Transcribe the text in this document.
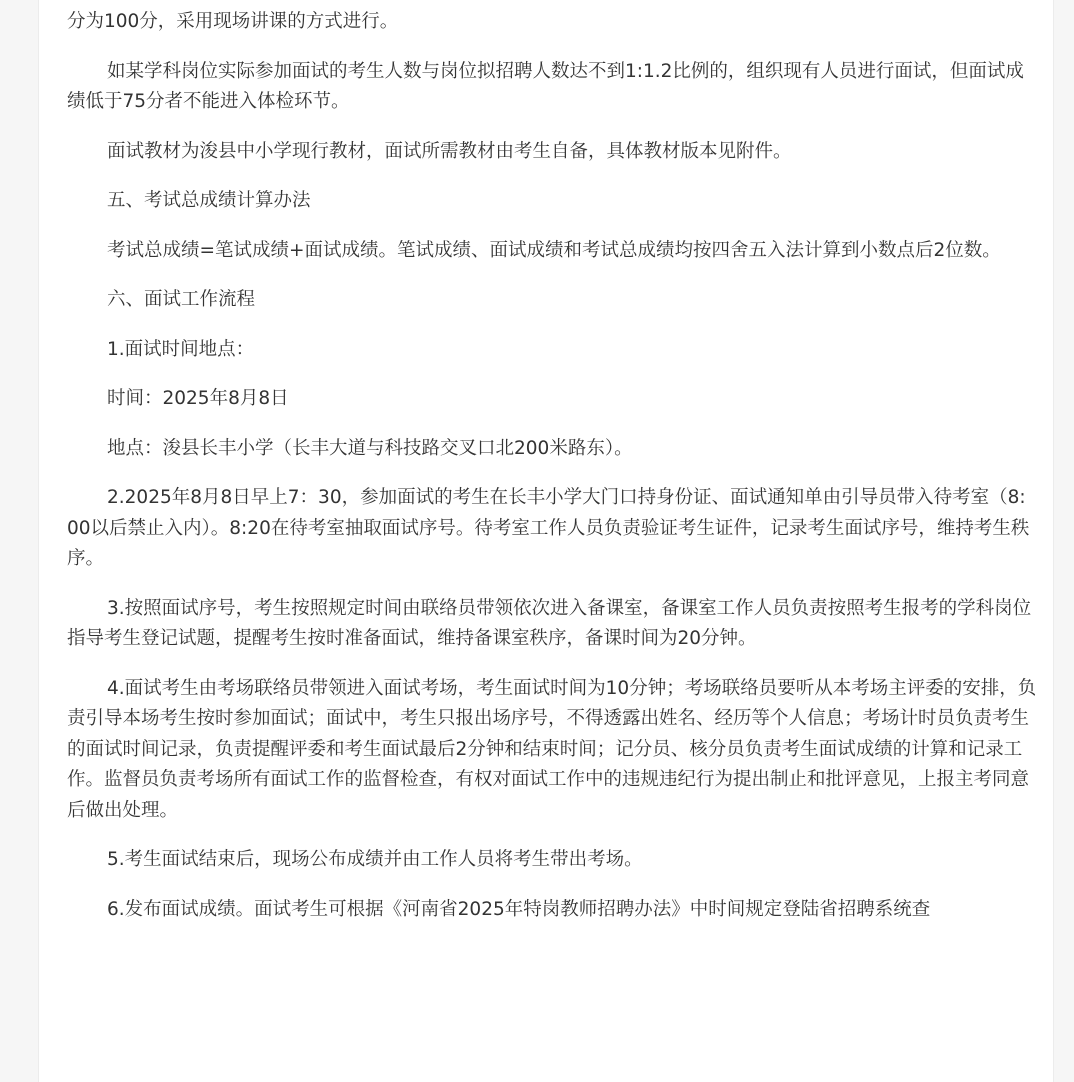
分为100分，采用现场讲课的方式进行。

如某学科岗位实际参加面试的考生人数与岗位拟招聘人数达不到1:1.2比例的，组织现有人员进行面试，但面试成绩低于75分者不能进入体检环节。

面试教材为浚县中小学现行教材，面试所需教材由考生自备，具体教材版本见附件。

五、考试总成绩计算办法

考试总成绩=笔试成绩+面试成绩。笔试成绩、面试成绩和考试总成绩均按四舍五入法计算到小数点后2位数。

六、面试工作流程

1.面试时间地点：

时间：2025年8月8日

地点：浚县长丰小学（长丰大道与科技路交叉口北200米路东）。

2.2025年8月8日早上7：30，参加面试的考生在长丰小学大门口持身份证、面试通知单由引导员带入待考室（8:00以后禁止入内）。8:20在待考室抽取面试序号。待考室工作人员负责验证考生证件，记录考生面试序号，维持考生秩序。

3.按照面试序号，考生按照规定时间由联络员带领依次进入备课室，备课室工作人员负责按照考生报考的学科岗位指导考生登记试题，提醒考生按时准备面试，维持备课室秩序，备课时间为20分钟。

4.面试考生由考场联络员带领进入面试考场，考生面试时间为10分钟；考场联络员要听从本考场主评委的安排，负责引导本场考生按时参加面试；面试中，考生只报出场序号，不得透露出姓名、经历等个人信息；考场计时员负责考生的面试时间记录，负责提醒评委和考生面试最后2分钟和结束时间；记分员、核分员负责考生面试成绩的计算和记录工作。监督员负责考场所有面试工作的监督检查，有权对面试工作中的违规违纪行为提出制止和批评意见，上报主考同意后做出处理。

5.考生面试结束后，现场公布成绩并由工作人员将考生带出考场。

6.发布面试成绩。面试考生可根据《河南省2025年特岗教师招聘办法》中时间规定登陆省招聘系统查
